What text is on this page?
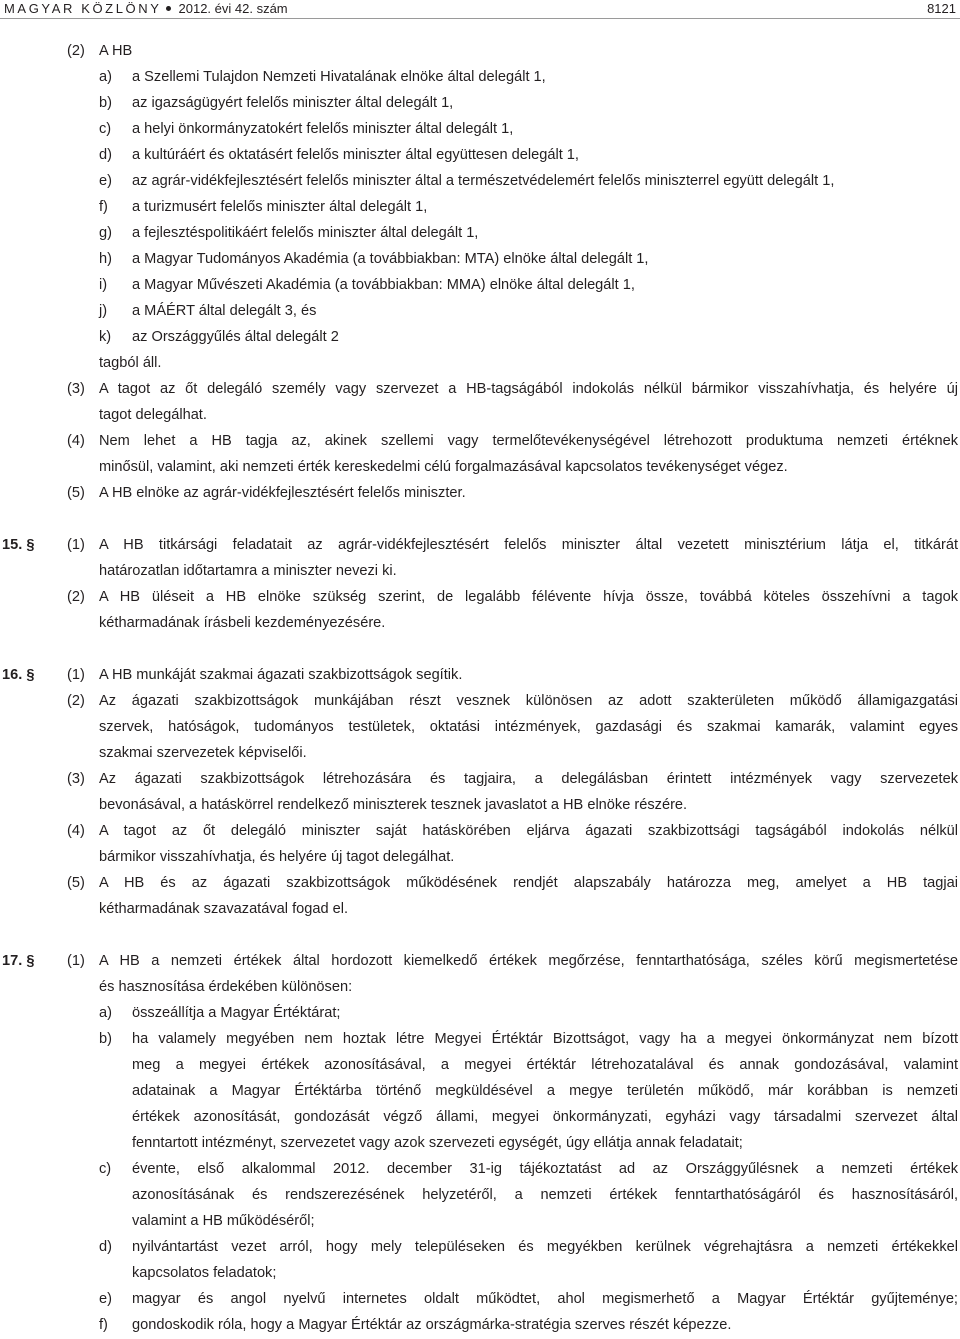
MAGYAR KÖZLÖNY 2012. évi 42. szám	8121
(2) A HB
a) a Szellemi Tulajdon Nemzeti Hivatalának elnöke által delegált 1,
b) az igazságügyért felelős miniszter által delegált 1,
c) a helyi önkormányzatokért felelős miniszter által delegált 1,
d) a kultúráért és oktatásért felelős miniszter által együttesen delegált 1,
e) az agrár-vidékfejlesztésért felelős miniszter által a természetvédelemért felelős miniszterrel együtt delegált 1,
f) a turizmusért felelős miniszter által delegált 1,
g) a fejlesztéspolitikáért felelős miniszter által delegált 1,
h) a Magyar Tudományos Akadémia (a továbbiakban: MTA) elnöke által delegált 1,
i) a Magyar Művészeti Akadémia (a továbbiakban: MMA) elnöke által delegált 1,
j) a MÁÉRT által delegált 3, és
k) az Országgyűlés által delegált 2
tagból áll.
(3) A tagot az őt delegáló személy vagy szervezet a HB-tagságából indokolás nélkül bármikor visszahívhatja, és helyére új
tagot delegálhat.
(4) Nem lehet a HB tagja az, akinek szellemi vagy termelőtevékenységével létrehozott produktuma nemzeti értéknek
minősül, valamint, aki nemzeti érték kereskedelmi célú forgalmazásával kapcsolatos tevékenységet végez.
(5) A HB elnöke az agrár-vidékfejlesztésért felelős miniszter.
15. § (1) A HB titkársági feladatait az agrár-vidékfejlesztésért felelős miniszter által vezetett minisztérium látja el, titkárát
határozatlan időtartamra a miniszter nevezi ki.
(2) A HB üléseit a HB elnöke szükség szerint, de legalább félévente hívja össze, továbbá köteles összehívni a tagok
kétharmadának írásbeli kezdeményezésére.
16. § (1) A HB munkáját szakmai ágazati szakbizottságok segítik.
(2) Az ágazati szakbizottságok munkájában részt vesznek különösen az adott szakterületen működő államigazgatási
szervek, hatóságok, tudományos testületek, oktatási intézmények, gazdasági és szakmai kamarák, valamint egyes
szakmai szervezetek képviselői.
(3) Az ágazati szakbizottságok létrehozására és tagjaira, a delegálásban érintett intézmények vagy szervezetek
bevonásával, a hatáskörrel rendelkező miniszterek tesznek javaslatot a HB elnöke részére.
(4) A tagot az őt delegáló miniszter saját hatáskörében eljárva ágazati szakbizottsági tagságából indokolás nélkül
bármikor visszahívhatja, és helyére új tagot delegálhat.
(5) A HB és az ágazati szakbizottságok működésének rendjét alapszabály határozza meg, amelyet a HB tagjai
kétharmadának szavazatával fogad el.
17. § (1) A HB a nemzeti értékek által hordozott kiemelkedő értékek megőrzése, fenntarthatósága, széles körű megismertetése
és hasznosítása érdekében különösen:
a) összeállítja a Magyar Értéktárat;
b) ha valamely megyében nem hoztak létre Megyei Értéktár Bizottságot, vagy ha a megyei önkormányzat nem bízott
meg a megyei értékek azonosításával, a megyei értéktár létrehozatalával és annak gondozásával, valamint
adatainak a Magyar Értéktárba történő megküldésével a megye területén működő, már korábban is nemzeti
értékek azonosítását, gondozását végző állami, megyei önkormányzati, egyházi vagy társadalmi szervezet által
fenntartott intézményt, szervezetet vagy azok szervezeti egységét, úgy ellátja annak feladatait;
c) évente, első alkalommal 2012. december 31-ig tájékoztatást ad az Országgyűlésnek a nemzeti értékek
azonosításának és rendszerezésének helyzetéről, a nemzeti értékek fenntarthatóságáról és hasznosításáról,
valamint a HB működéséről;
d) nyilvántartást vezet arról, hogy mely településeken és megyékben kerülnek végrehajtásra a nemzeti értékekkel
kapcsolatos feladatok;
e) magyar és angol nyelvű internetes oldalt működtet, ahol megismerhető a Magyar Értéktár gyűjteménye;
f) gondoskodik róla, hogy a Magyar Értéktár az országmárka-stratégia szerves részét képezze.
